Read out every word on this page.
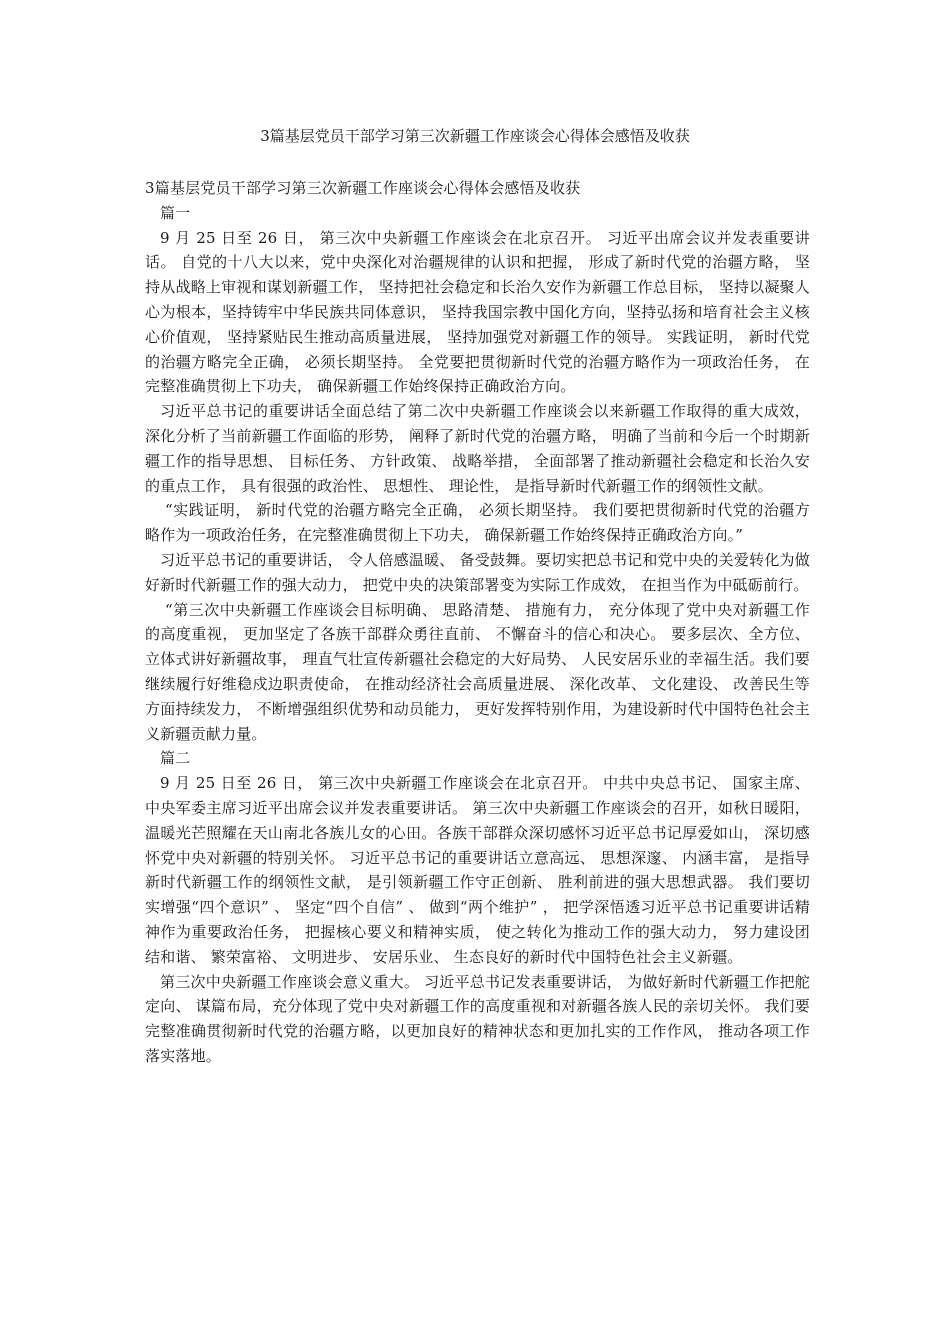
3篇基层党员干部学习第三次新疆工作座谈会心得体会感悟及收获

3篇基层党员干部学习第三次新疆工作座谈会心得体会感悟及收获

篇一

9 月 25 日至 26 日， 第三次中央新疆工作座谈会在北京召开。 习近平出席会议并发表重要讲话。 自党的十八大以来，党中央深化对治疆规律的认识和把握， 形成了新时代党的治疆方略， 坚持从战略上审视和谋划新疆工作， 坚持把社会稳定和长治久安作为新疆工作总目标， 坚持以凝聚人心为根本，坚持铸牢中华民族共同体意识， 坚持我国宗教中国化方向，坚持弘扬和培育社会主义核心价值观， 坚持紧贴民生推动高质量进展， 坚持加强党对新疆工作的领导。 实践证明， 新时代党的治疆方略完全正确， 必须长期坚持。 全党要把贯彻新时代党的治疆方略作为一项政治任务， 在完整准确贯彻上下功夫， 确保新疆工作始终保持正确政治方向。

习近平总书记的重要讲话全面总结了第二次中央新疆工作座谈会以来新疆工作取得的重大成效， 深化分析了当前新疆工作面临的形势， 阐释了新时代党的治疆方略， 明确了当前和今后一个时期新疆工作的指导思想、 目标任务、 方针政策、 战略举措， 全面部署了推动新疆社会稳定和长治久安的重点工作， 具有很强的政治性、 思想性、 理论性， 是指导新时代新疆工作的纲领性文献。

“实践证明， 新时代党的治疆方略完全正确， 必须长期坚持。 我们要把贯彻新时代党的治疆方略作为一项政治任务，在完整准确贯彻上下功夫， 确保新疆工作始终保持正确政治方向。”

习近平总书记的重要讲话， 令人倍感温暖、 备受鼓舞。要切实把总书记和党中央的关爱转化为做好新时代新疆工作的强大动力， 把党中央的决策部署变为实际工作成效， 在担当作为中砥砺前行。

“第三次中央新疆工作座谈会目标明确、 思路清楚、 措施有力， 充分体现了党中央对新疆工作的高度重视， 更加坚定了各族干部群众勇往直前、 不懈奋斗的信心和决心。 要多层次、全方位、 立体式讲好新疆故事， 理直气壮宣传新疆社会稳定的大好局势、 人民安居乐业的幸福生活。我们要继续履行好维稳戍边职责使命， 在推动经济社会高质量进展、 深化改革、 文化建设、 改善民生等方面持续发力， 不断增强组织优势和动员能力， 更好发挥特别作用，为建设新时代中国特色社会主义新疆贡献力量。

篇二

9 月 25 日至 26 日， 第三次中央新疆工作座谈会在北京召开。 中共中央总书记、 国家主席、 中央军委主席习近平出席会议并发表重要讲话。 第三次中央新疆工作座谈会的召开，如秋日暖阳， 温暖光芒照耀在天山南北各族儿女的心田。各族干部群众深切感怀习近平总书记厚爱如山， 深切感怀党中央对新疆的特别关怀。 习近平总书记的重要讲话立意高远、 思想深邃、 内涵丰富， 是指导新时代新疆工作的纲领性文献， 是引领新疆工作守正创新、 胜利前进的强大思想武器。 我们要切实增强“四个意识” 、 坚定“四个自信” 、 做到“两个维护” ， 把学深悟透习近平总书记重要讲话精神作为重要政治任务， 把握核心要义和精神实质， 使之转化为推动工作的强大动力， 努力建设团结和谐、 繁荣富裕、 文明进步、 安居乐业、 生态良好的新时代中国特色社会主义新疆。

第三次中央新疆工作座谈会意义重大。 习近平总书记发表重要讲话， 为做好新时代新疆工作把舵定向、 谋篇布局，充分体现了党中央对新疆工作的高度重视和对新疆各族人民的亲切关怀。 我们要完整准确贯彻新时代党的治疆方略，以更加良好的精神状态和更加扎实的工作作风， 推动各项工作落实落地。
